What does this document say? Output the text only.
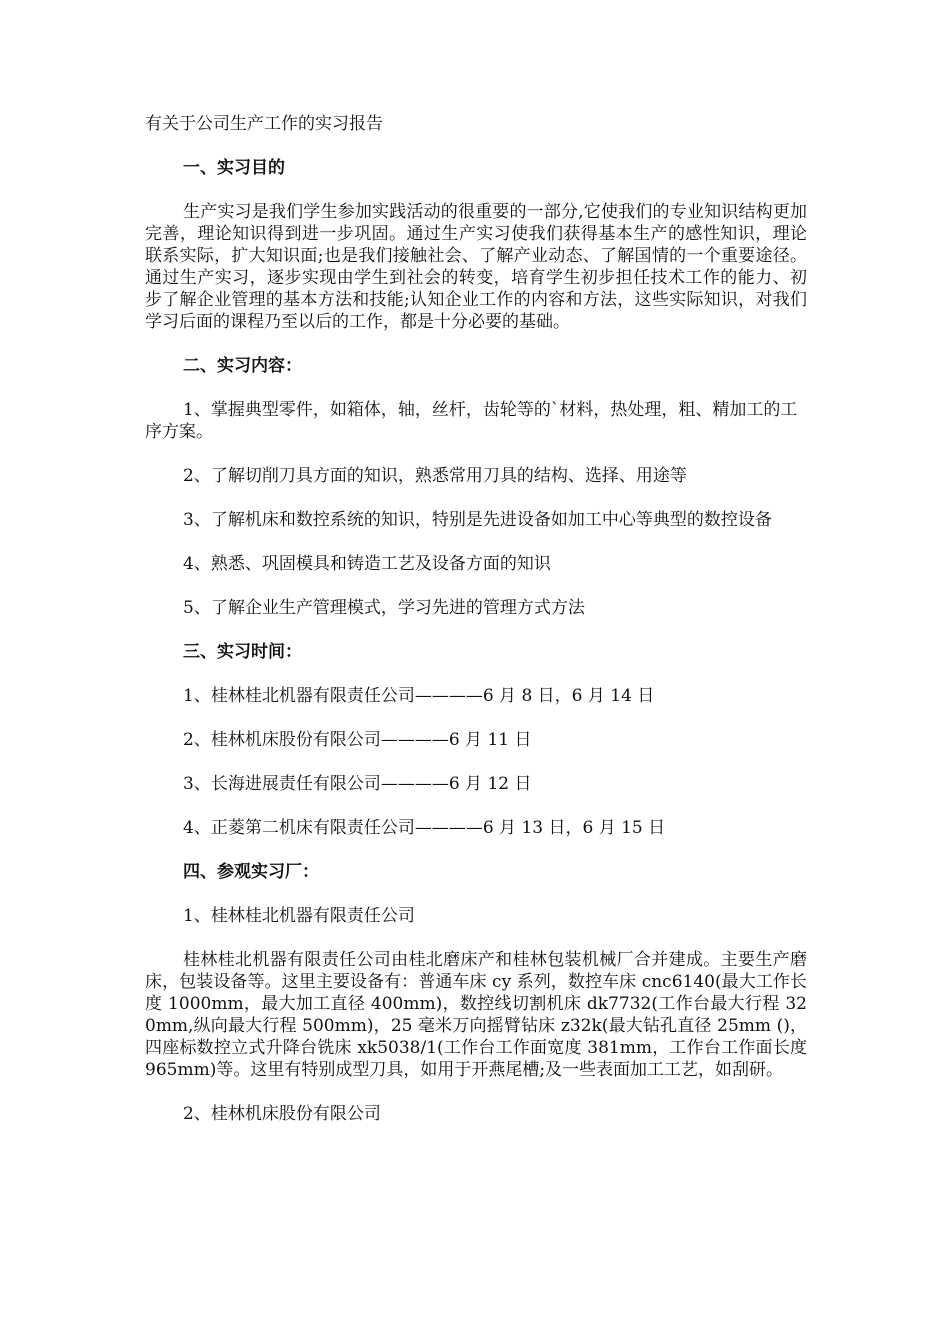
有关于公司生产工作的实习报告
一、实习目的
生产实习是我们学生参加实践活动的很重要的一部分,它使我们的专业知识结构更加完善，理论知识得到进一步巩固。通过生产实习使我们获得基本生产的感性知识，理论联系实际，扩大知识面;也是我们接触社会、了解产业动态、了解国情的一个重要途径。通过生产实习，逐步实现由学生到社会的转变，培育学生初步担任技术工作的能力、初步了解企业管理的基本方法和技能;认知企业工作的内容和方法，这些实际知识，对我们学习后面的课程乃至以后的工作，都是十分必要的基础。
二、实习内容：
1、掌握典型零件，如箱体，轴，丝杆，齿轮等的`材料，热处理，粗、精加工的工序方案。
2、了解切削刀具方面的知识，熟悉常用刀具的结构、选择、用途等
3、了解机床和数控系统的知识，特别是先进设备如加工中心等典型的数控设备
4、熟悉、巩固模具和铸造工艺及设备方面的知识
5、了解企业生产管理模式，学习先进的管理方式方法
三、实习时间：
1、桂林桂北机器有限责任公司————6 月 8 日，6 月 14 日
2、桂林机床股份有限公司————6 月 11 日
3、长海进展责任有限公司————6 月 12 日
4、正菱第二机床有限责任公司————6 月 13 日，6 月 15 日
四、参观实习厂：
1、桂林桂北机器有限责任公司
桂林桂北机器有限责任公司由桂北磨床产和桂林包装机械厂合并建成。主要生产磨床，包装设备等。这里主要设备有：普通车床 cy 系列，数控车床 cnc6140(最大工作长度 1000mm，最大加工直径 400mm)，数控线切割机床 dk7732(工作台最大行程 320mm,纵向最大行程 500mm)，25 毫米万向摇臂钻床 z32k(最大钻孔直径 25mm ()，四座标数控立式升降台铣床 xk5038/1(工作台工作面宽度 381mm，工作台工作面长度 965mm)等。这里有特别成型刀具，如用于开燕尾槽;及一些表面加工工艺，如刮研。
2、桂林机床股份有限公司
